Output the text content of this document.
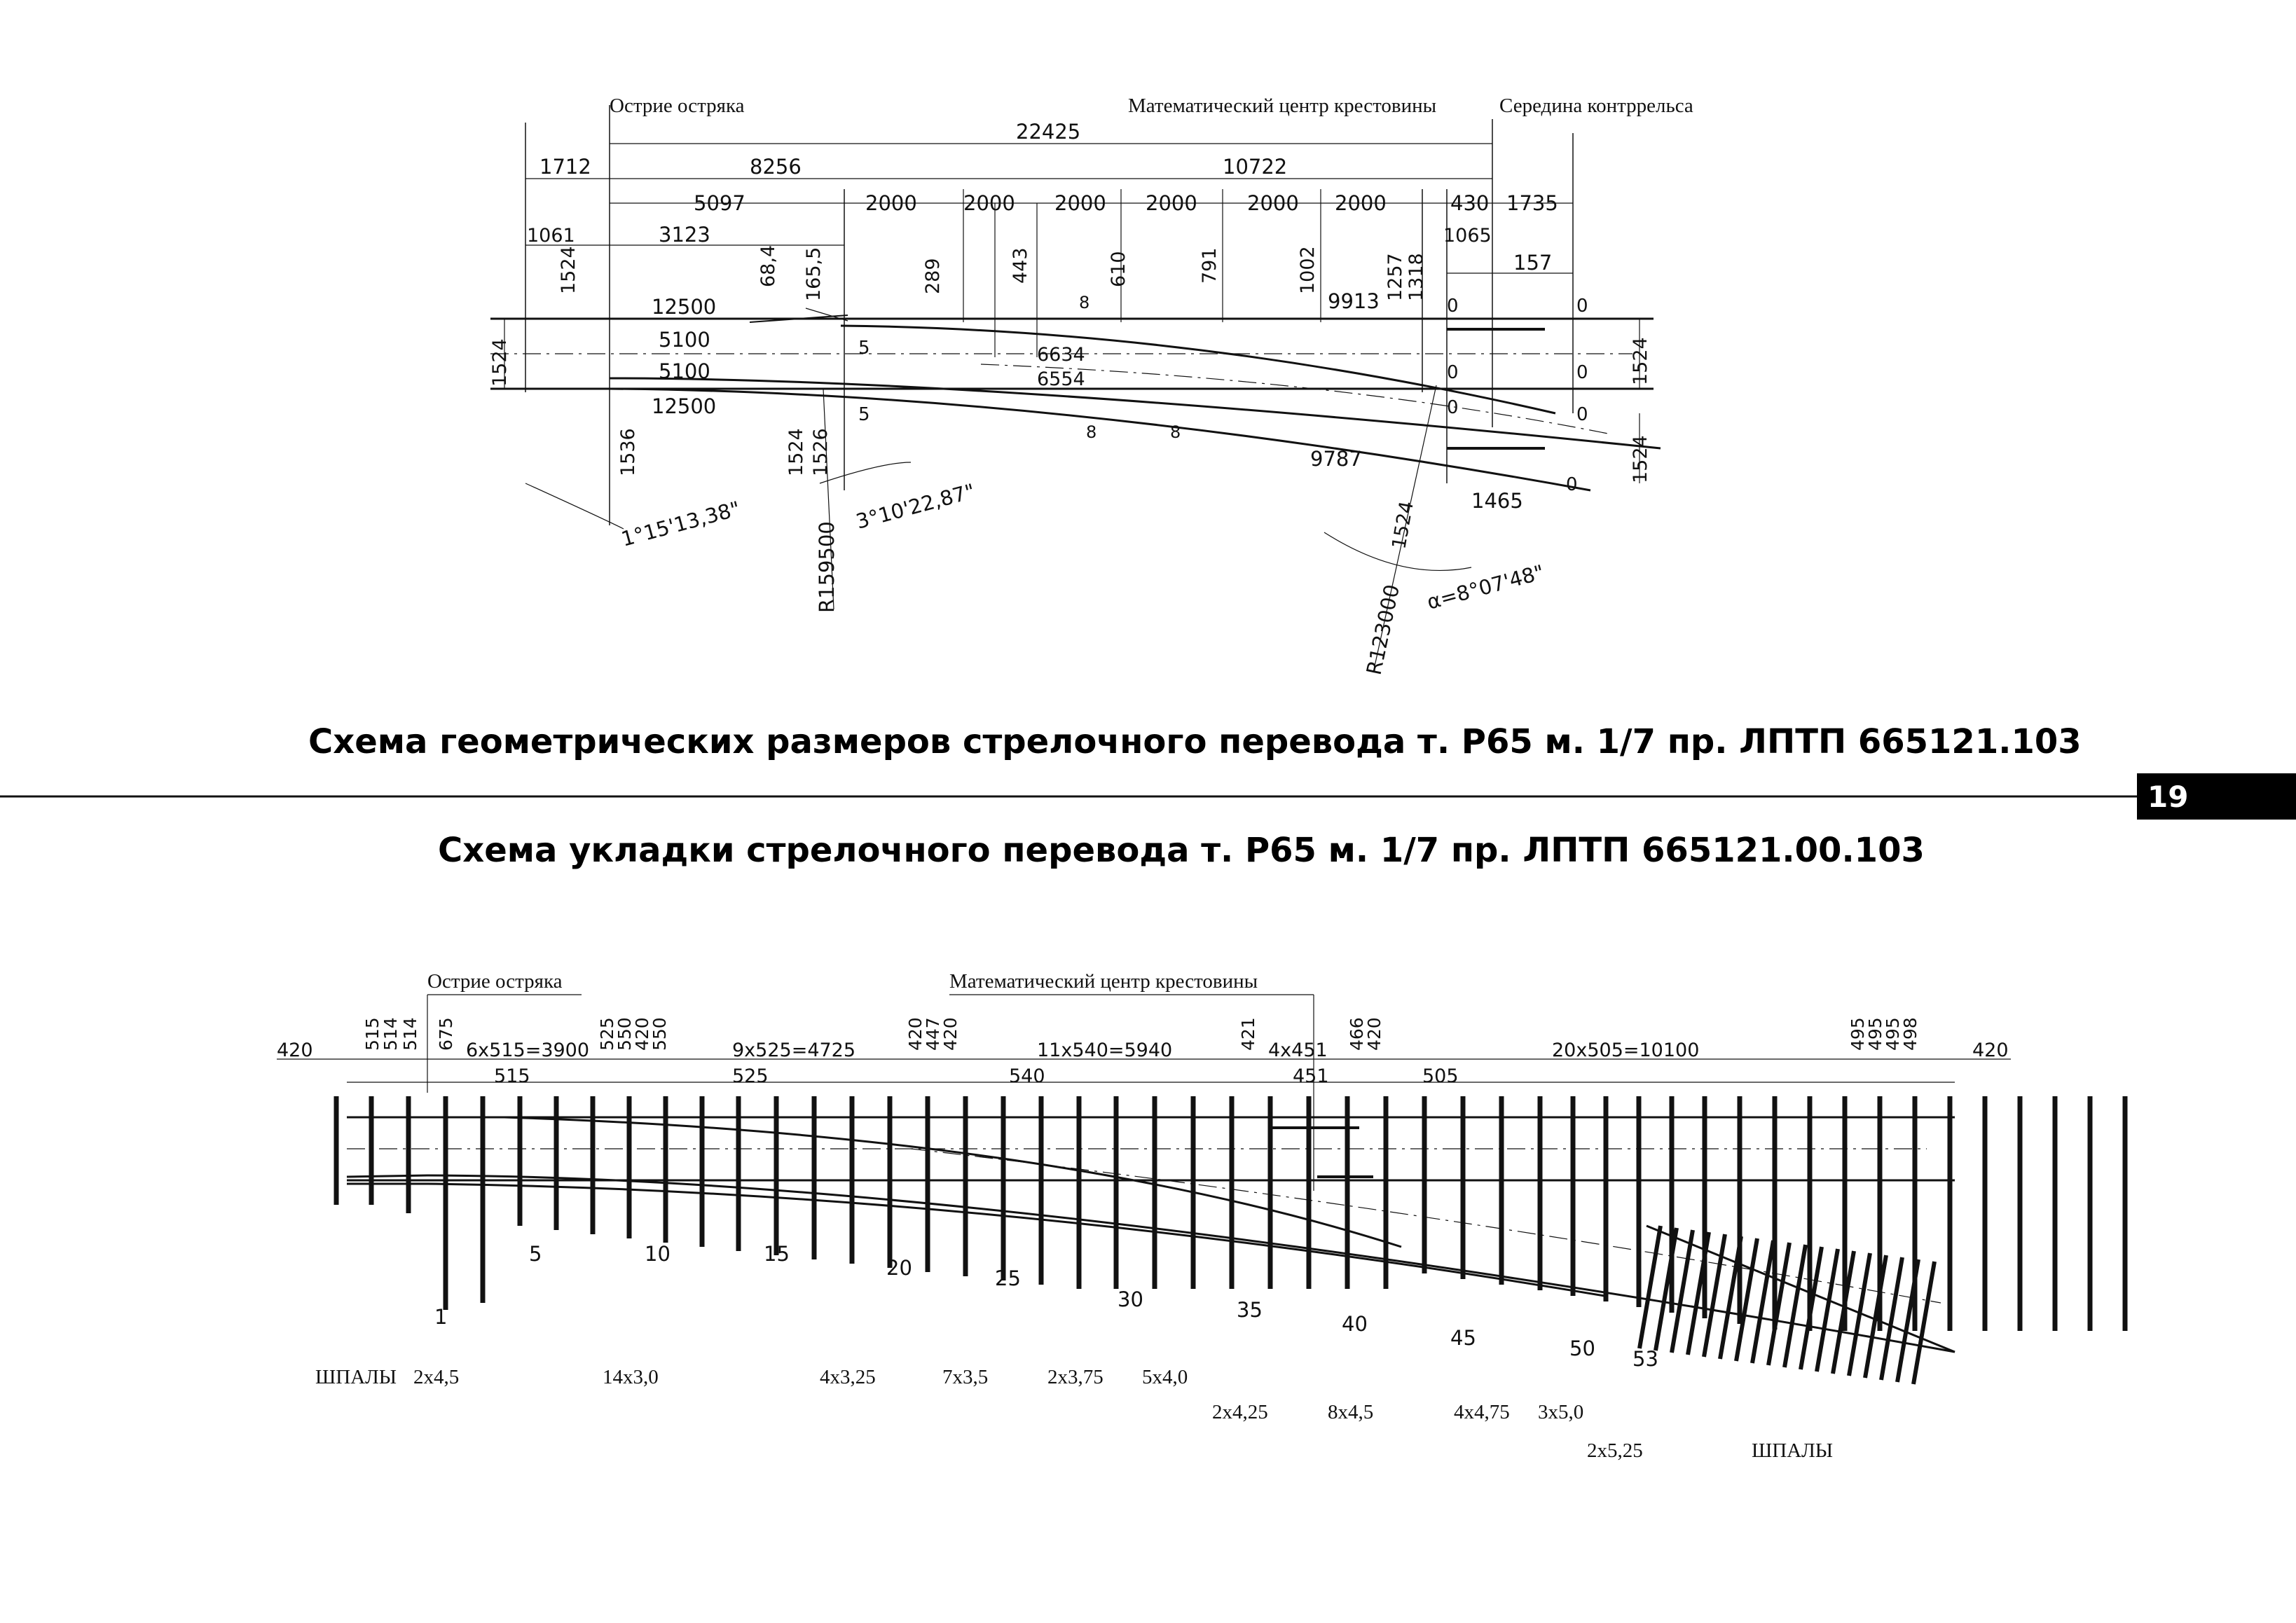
Острие остряка	Математический центр крестовины	Середина контррельса
22425
1712	8256	10722
5097	2000 2000 2000 2000 2000 2000	430 1735
1061	3123	1065
157
12500
5100
5100
12500
6634
6554
9913
9787
1465
5
5
8
8	8
0
0
0
0
0
0
0
1524
1524	68,4 165,5	289	443	610	791	1002	1257 1318
1524
1524
1536	1524 1526
1524
R159500
R123000
1°15'13,38"	3°10'22,87"
α=8°07'48"
Схема геометрических размеров стрелочного перевода т. Р65 м. 1/7 пр. ЛПТП 665121.103
19
Схема укладки стрелочного перевода т. Р65 м. 1/7 пр. ЛПТП 665121.00.103
Острие остряка	Математический центр крестовины
420	515
514 514 675 6x515=3900
515
525
550
420
550	9x525=4725
525
420
447
420	11x540=5940
540
421 4x451
451
466
420	20x505=10100
505
495
495
495
498	420
1
5	10	15
20	25
30	35
40
45	50 53
ШПАЛЫ 2x4,5	14x3,0	4x3,25	7x3,5	2x3,75 5x4,0
2x4,25	8x4,5	4x4,75 3x5,0
2x5,25	ШПАЛЫ
